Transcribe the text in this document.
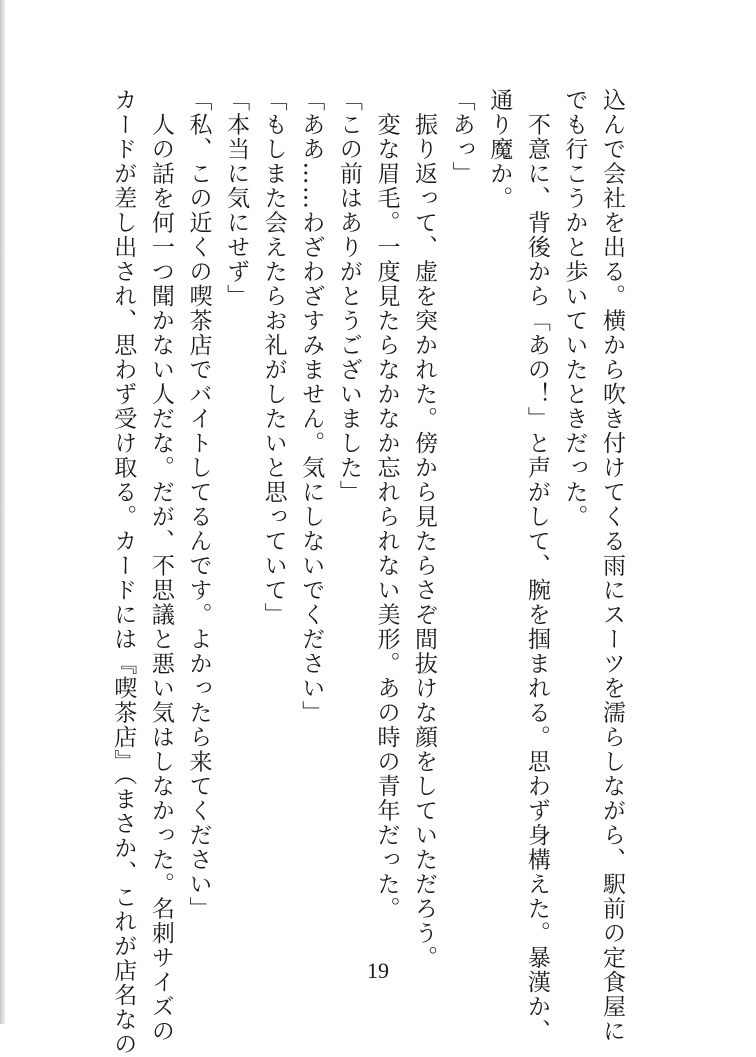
込んで会社を出る。横から吹き付けてくる雨にスーツを濡らしながら、駅前の定食屋に
でも行こうかと歩いていたときだった。
　不意に、背後から「あの！」と声がして、腕を掴まれる。思わず身構えた。暴漢か、
通り魔か。
「あっ」
　振り返って、虚を突かれた。傍から見たらさぞ間抜けな顔をしていただろう。
　変な眉毛。一度見たらなかなか忘れられない美形。あの時の青年だった。
「この前はありがとうございました」
「ああ……わざわざすみません。気にしないでください」
「もしまた会えたらお礼がしたいと思っていて」
「本当に気にせず」
「私、この近くの喫茶店でバイトしてるんです。よかったら来てください」
　人の話を何一つ聞かない人だな。だが、不思議と悪い気はしなかった。名刺サイズの
カードが差し出され、思わず受け取る。カードには『喫茶店』（まさか、これが店名なの	19
